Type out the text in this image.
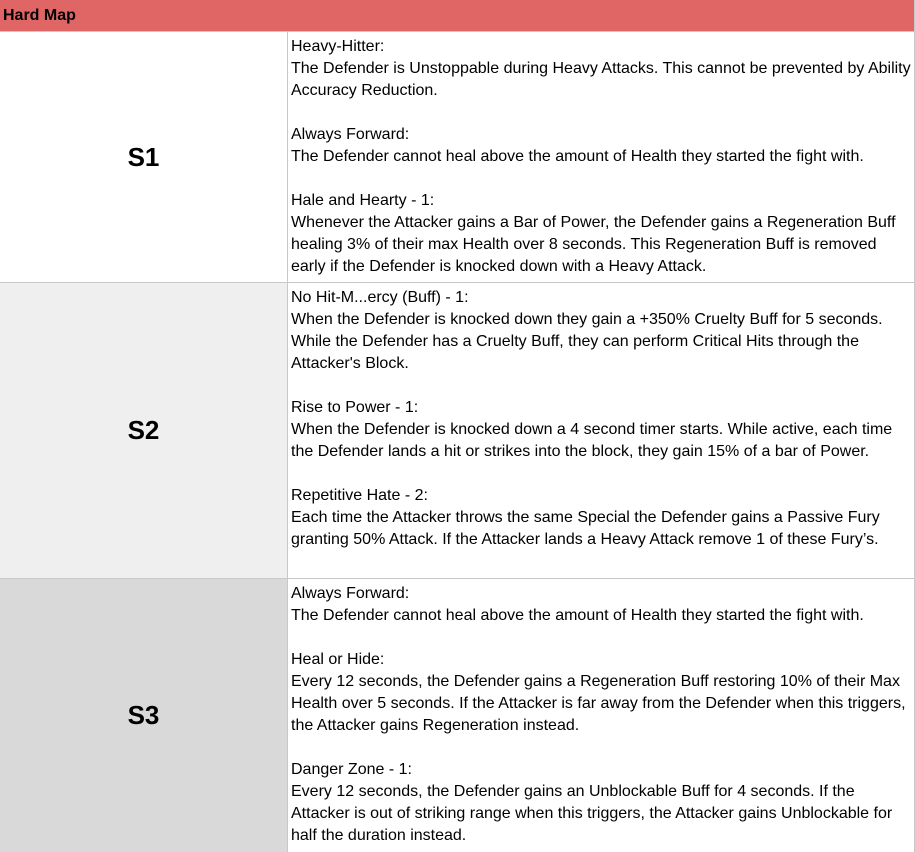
Hard Map
S1
Heavy-Hitter:
The Defender is Unstoppable during Heavy Attacks. This cannot be prevented by Ability Accuracy Reduction.
Always Forward:
The Defender cannot heal above the amount of Health they started the fight with.
Hale and Hearty - 1:
Whenever the Attacker gains a Bar of Power, the Defender gains a Regeneration Buff healing 3% of their max Health over 8 seconds. This Regeneration Buff is removed early if the Defender is knocked down with a Heavy Attack.
S2
No Hit-M...ercy (Buff) - 1:
When the Defender is knocked down they gain a +350% Cruelty Buff for 5 seconds. While the Defender has a Cruelty Buff, they can perform Critical Hits through the Attacker's Block.
Rise to Power - 1:
When the Defender is knocked down a 4 second timer starts. While active, each time the Defender lands a hit or strikes into the block, they gain 15% of a bar of Power.
Repetitive Hate - 2:
Each time the Attacker throws the same Special the Defender gains a Passive Fury granting 50% Attack. If the Attacker lands a Heavy Attack remove 1 of these Fury’s.
S3
Always Forward:
The Defender cannot heal above the amount of Health they started the fight with.
Heal or Hide:
Every 12 seconds, the Defender gains a Regeneration Buff restoring 10% of their Max Health over 5 seconds. If the Attacker is far away from the Defender when this triggers, the Attacker gains Regeneration instead.
Danger Zone - 1:
Every 12 seconds, the Defender gains an Unblockable Buff for 4 seconds. If the Attacker is out of striking range when this triggers, the Attacker gains Unblockable for half the duration instead.
